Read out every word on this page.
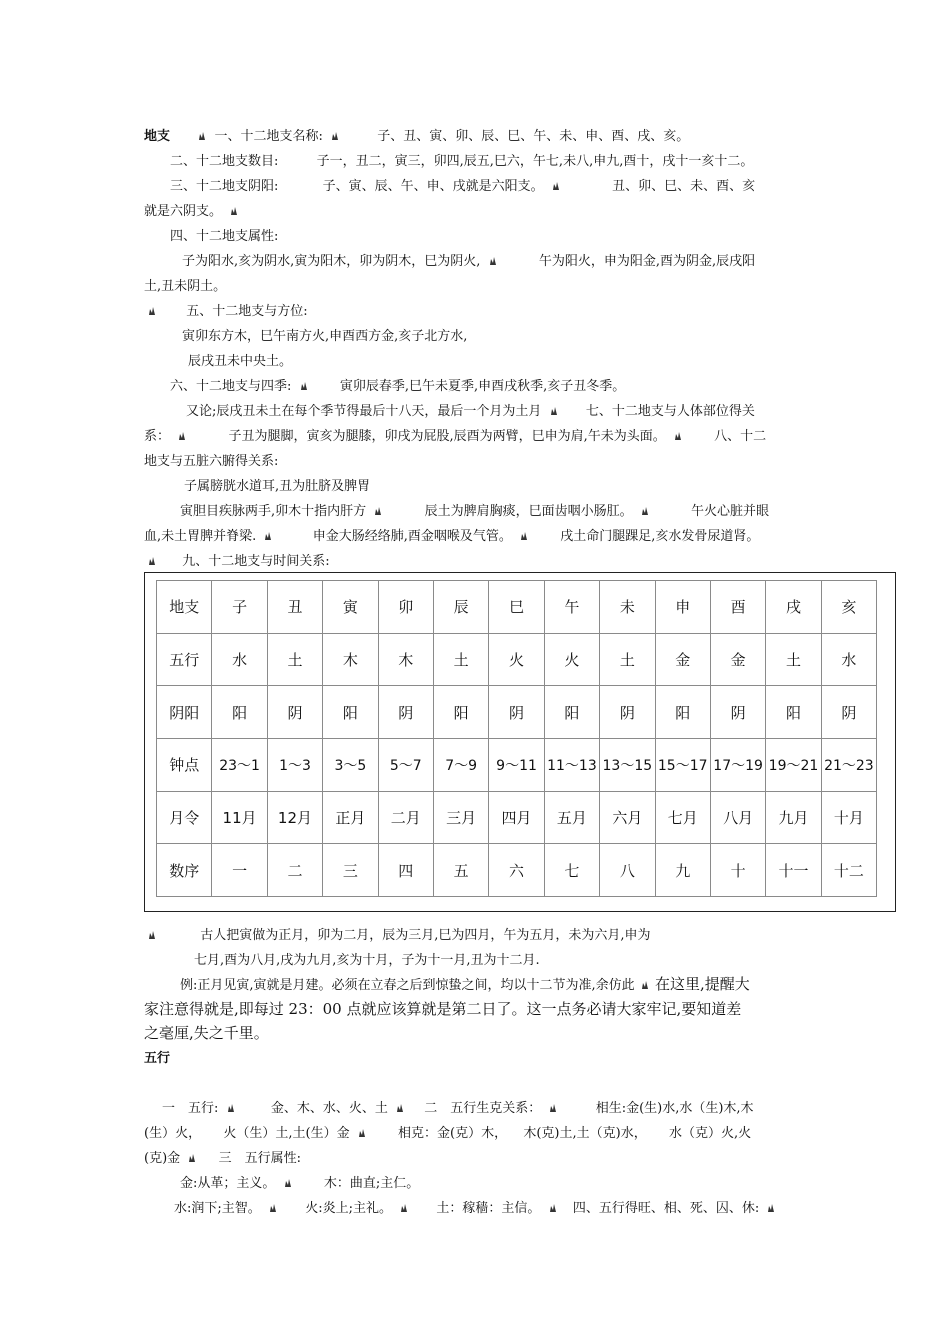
地支	一、十二地支名称:	子、丑、寅、卯、辰、巳、午、未、申、酉、戌、亥。
二、十二地支数目:	子一，丑二，寅三，卯四,辰五,巳六，午七,未八,申九,酉十，戌十一亥十二。
三、十二地支阴阳:	子、寅、辰、午、申、戌就是六阳支。	丑、卯、巳、未、酉、亥
就是六阴支。
四、十二地支属性:
子为阳水,亥为阴水,寅为阳木，卯为阴木，巳为阴火,	午为阳火，申为阳金,酉为阴金,辰戌阳
土,丑未阴土。
五、十二地支与方位:
寅卯东方木，巳午南方火,申酉西方金,亥子北方水,
辰戌丑未中央土。
六、十二地支与四季:	寅卯辰春季,巳午未夏季,申酉戌秋季,亥子丑冬季。
又论;辰戌丑未土在每个季节得最后十八天，最后一个月为土月	七、十二地支与人体部位得关
系：	子丑为腿脚，寅亥为腿膝，卯戌为屁股,辰酉为两臂，巳申为肩,午未为头面。	八、十二
地支与五脏六腑得关系:
子属膀胱水道耳,丑为肚脐及脾胃
寅胆目疾脉两手,卯木十指内肝方	辰土为脾肩胸痰，巳面齿咽小肠肛。	午火心脏并眼
血,未土胃脾并脊梁.	申金大肠经络肺,酉金咽喉及气管。	戌土命门腿踝足,亥水发骨尿道肾。
九、十二地支与时间关系:
地支	子	丑	寅	卯	辰	巳	午	未	申	酉	戌	亥
五行	水	土	木	木	土	火	火	土	金	金	土	水
阴阳	阳	阴	阳	阴	阳	阴	阳	阴	阳	阴	阳	阴
钟点	23～1	1～3	3～5	5～7	7～9	9～11	11～13	13～15	15～17	17～19	19～21	21～23
月令	11月	12月	正月	二月	三月	四月	五月	六月	七月	八月	九月	十月
数序	一	二	三	四	五	六	七	八	九	十	十一	十二
古人把寅做为正月，卯为二月，辰为三月,巳为四月，午为五月，未为六月,申为
七月,酉为八月,戌为九月,亥为十月，子为十一月,丑为十二月.
例:正月见寅,寅就是月建。必须在立春之后到惊蛰之间，均以十二节为准,余仿此 在这里,提醒大
家注意得就是,即每过 23：00 点就应该算就是第二日了。这一点务必请大家牢记,要知道差
之毫厘,失之千里。
五行
一　五行:	金、木、水、火、土	二　五行生克关系：	相生:金(生)水,水（生)木,木
(生）火， 火（生）土,土(生）金	相克：金(克）木， 木(克)土,土（克)水， 水（克）火,火
(克)金	三　五行属性:
金:从革；主义。	木：曲直;主仁。
水:润下;主智。	火:炎上;主礼。	土：稼穑：主信。 四、五行得旺、相、死、囚、休:
